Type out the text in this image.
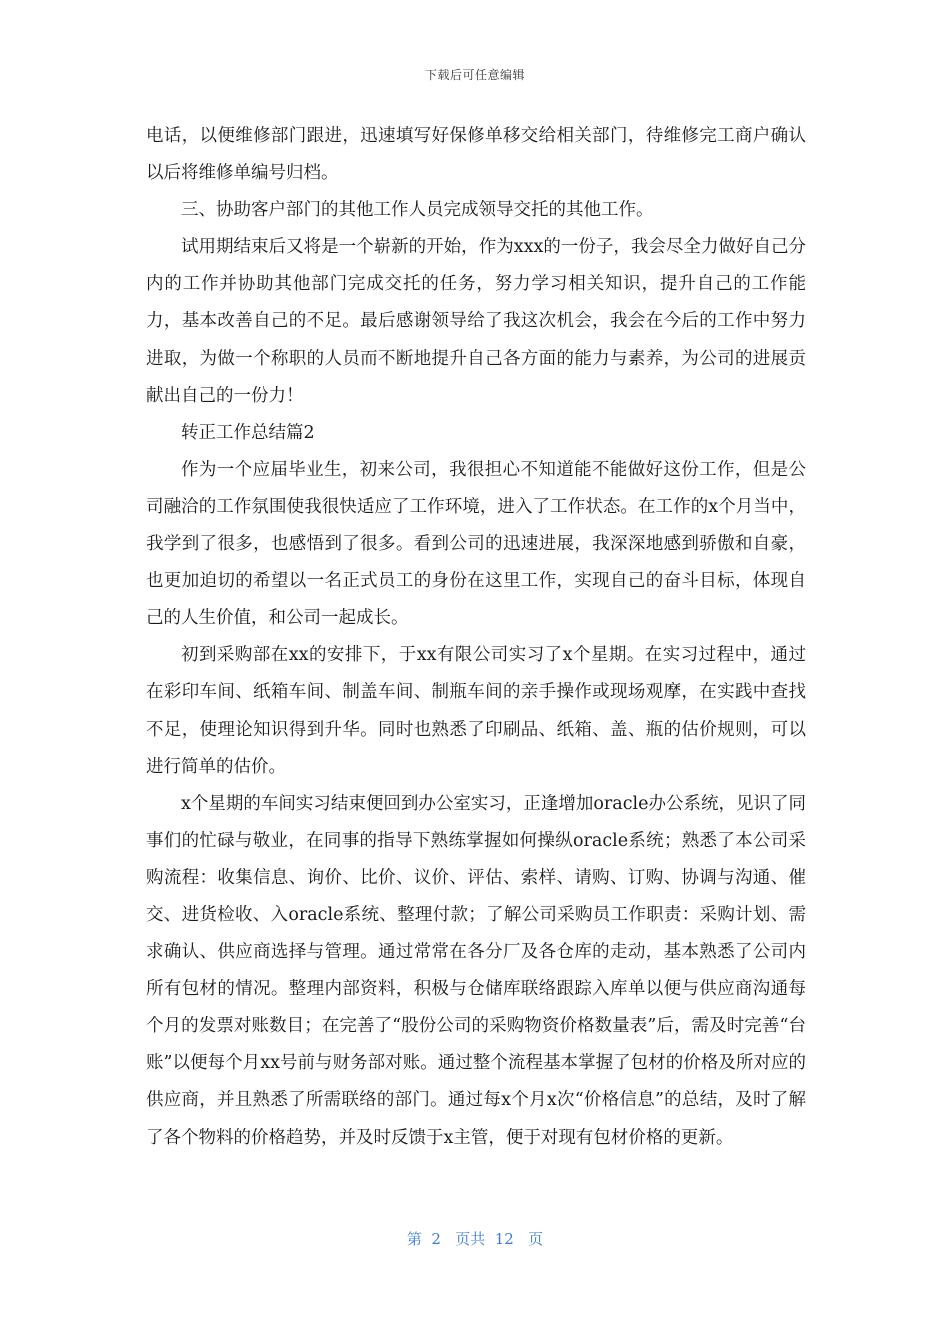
下载后可任意编辑

电话，以便维修部门跟进，迅速填写好保修单移交给相关部门，待维修完工商户确认以后将维修单编号归档。

三、协助客户部门的其他工作人员完成领导交托的其他工作。

试用期结束后又将是一个崭新的开始，作为xxx的一份子，我会尽全力做好自己分内的工作并协助其他部门完成交托的任务，努力学习相关知识，提升自己的工作能力，基本改善自己的不足。最后感谢领导给了我这次机会，我会在今后的工作中努力进取，为做一个称职的人员而不断地提升自己各方面的能力与素养，为公司的进展贡献出自己的一份力！

转正工作总结篇2

作为一个应届毕业生，初来公司，我很担心不知道能不能做好这份工作，但是公司融洽的工作氛围使我很快适应了工作环境，进入了工作状态。在工作的x个月当中，我学到了很多，也感悟到了很多。看到公司的迅速进展，我深深地感到骄傲和自豪，也更加迫切的希望以一名正式员工的身份在这里工作，实现自己的奋斗目标，体现自己的人生价值，和公司一起成长。

初到采购部在xx的安排下，于xx有限公司实习了x个星期。在实习过程中，通过在彩印车间、纸箱车间、制盖车间、制瓶车间的亲手操作或现场观摩，在实践中查找不足，使理论知识得到升华。同时也熟悉了印刷品、纸箱、盖、瓶的估价规则，可以进行简单的估价。

x个星期的车间实习结束便回到办公室实习，正逢增加oracle办公系统，见识了同事们的忙碌与敬业，在同事的指导下熟练掌握如何操纵oracle系统；熟悉了本公司采购流程：收集信息、询价、比价、议价、评估、索样、请购、订购、协调与沟通、催交、进货检收、入oracle系统、整理付款；了解公司采购员工作职责：采购计划、需求确认、供应商选择与管理。通过常常在各分厂及各仓库的走动，基本熟悉了公司内所有包材的情况。整理内部资料，积极与仓储库联络跟踪入库单以便与供应商沟通每个月的发票对账数目；在完善了“股份公司的采购物资价格数量表”后，需及时完善“台账”以便每个月xx号前与财务部对账。通过整个流程基本掌握了包材的价格及所对应的供应商，并且熟悉了所需联络的部门。通过每x个月x次“价格信息”的总结，及时了解了各个物料的价格趋势，并及时反馈于x主管，便于对现有包材价格的更新。

第  2   页共  12   页
